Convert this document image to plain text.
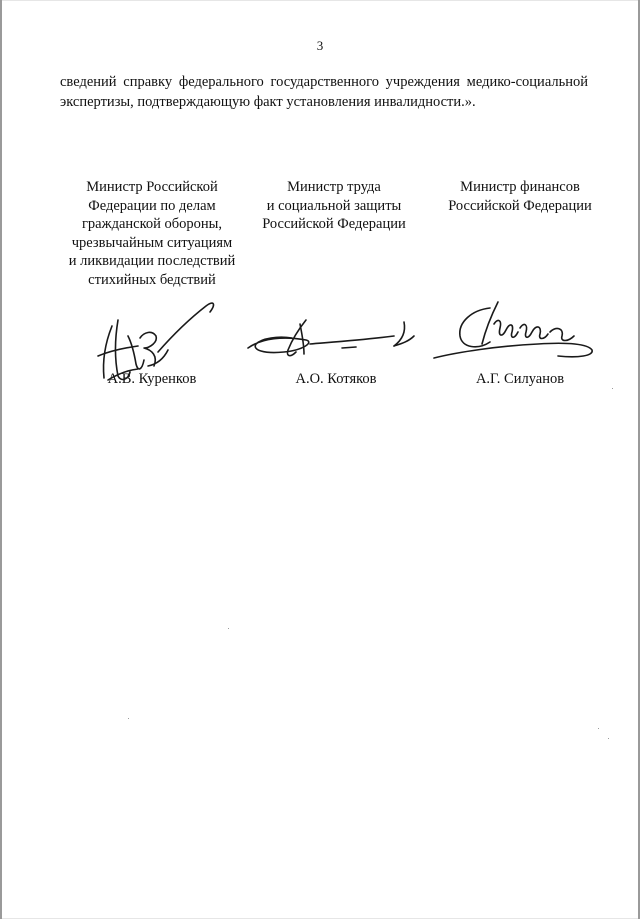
3
сведений справку федерального государственного учреждения медико-социальной
экспертизы, подтверждающую факт установления инвалидности.».
Министр Российской
Федерации по делам
гражданской обороны,
чрезвычайным ситуациям
и ликвидации последствий
стихийных бедствий
Министр труда
и социальной защиты
Российской Федерации
Министр финансов
Российской Федерации
А.В. Куренков	А.О. Котяков	А.Г. Силуанов
